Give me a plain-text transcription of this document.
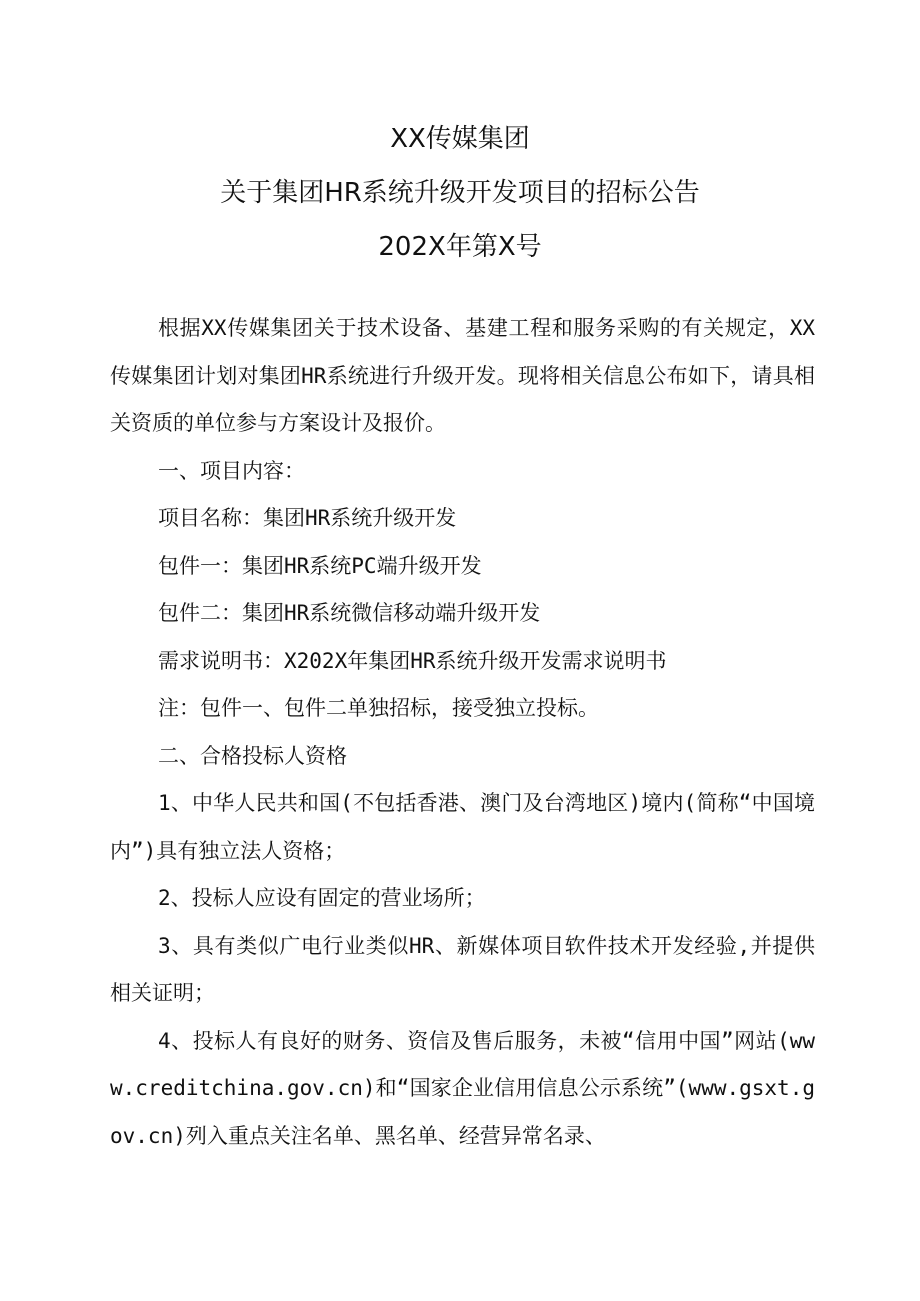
XX传媒集团
关于集团HR系统升级开发项目的招标公告
202X年第X号

根据XX传媒集团关于技术设备、基建工程和服务采购的有关规定，XX传媒集团计划对集团HR系统进行升级开发。现将相关信息公布如下，请具相关资质的单位参与方案设计及报价。

一、项目内容：

项目名称：集团HR系统升级开发

包件一：集团HR系统PC端升级开发

包件二：集团HR系统微信移动端升级开发

需求说明书：X202X年集团HR系统升级开发需求说明书

注：包件一、包件二单独招标，接受独立投标。

二、合格投标人资格

1、中华人民共和国(不包括香港、澳门及台湾地区)境内(简称“中国境内”)具有独立法人资格；

2、投标人应设有固定的营业场所；

3、具有类似广电行业类似HR、新媒体项目软件技术开发经验,并提供相关证明；

4、投标人有良好的财务、资信及售后服务，未被“信用中国”网站(www.creditchina.gov.cn)和“国家企业信用信息公示系统”(www.gsxt.gov.cn)列入重点关注名单、黑名单、经营异常名录、
